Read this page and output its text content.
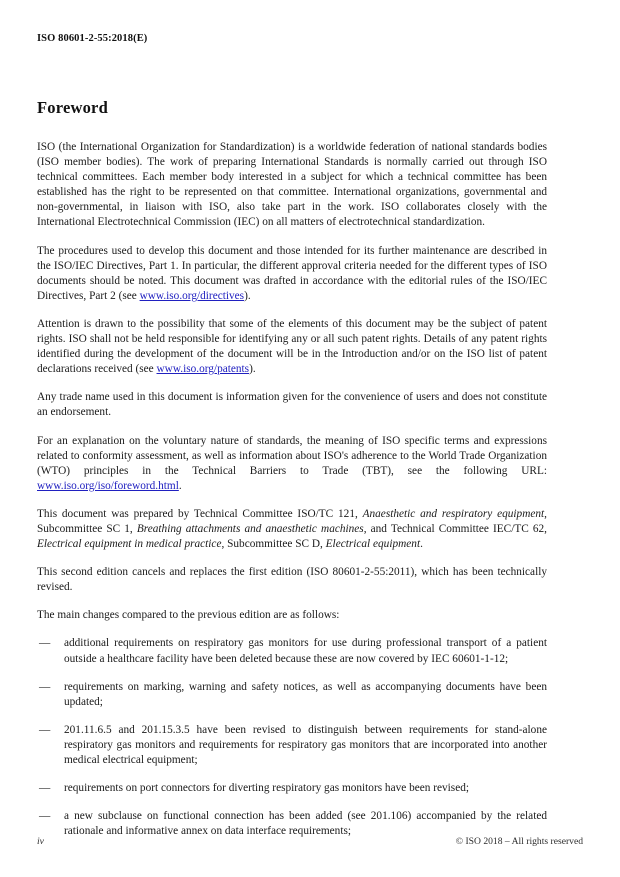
ISO 80601-2-55:2018(E)
Foreword

ISO (the International Organization for Standardization) is a worldwide federation of national standards bodies (ISO member bodies). The work of preparing International Standards is normally carried out through ISO technical committees. Each member body interested in a subject for which a technical committee has been established has the right to be represented on that committee. International organizations, governmental and non-governmental, in liaison with ISO, also take part in the work. ISO collaborates closely with the International Electrotechnical Commission (IEC) on all matters of electrotechnical standardization.

The procedures used to develop this document and those intended for its further maintenance are described in the ISO/IEC Directives, Part 1. In particular, the different approval criteria needed for the different types of ISO documents should be noted. This document was drafted in accordance with the editorial rules of the ISO/IEC Directives, Part 2 (see www.iso.org/directives).

Attention is drawn to the possibility that some of the elements of this document may be the subject of patent rights. ISO shall not be held responsible for identifying any or all such patent rights. Details of any patent rights identified during the development of the document will be in the Introduction and/or on the ISO list of patent declarations received (see www.iso.org/patents).

Any trade name used in this document is information given for the convenience of users and does not constitute an endorsement.

For an explanation on the voluntary nature of standards, the meaning of ISO specific terms and expressions related to conformity assessment, as well as information about ISO's adherence to the World Trade Organization (WTO) principles in the Technical Barriers to Trade (TBT), see the following URL: www.iso.org/iso/foreword.html.

This document was prepared by Technical Committee ISO/TC 121, Anaesthetic and respiratory equipment, Subcommittee SC 1, Breathing attachments and anaesthetic machines, and Technical Committee IEC/TC 62, Electrical equipment in medical practice, Subcommittee SC D, Electrical equipment.

This second edition cancels and replaces the first edition (ISO 80601-2-55:2011), which has been technically revised.

The main changes compared to the previous edition are as follows:

—	additional requirements on respiratory gas monitors for use during professional transport of a patient outside a healthcare facility have been deleted because these are now covered by IEC 60601-1-12;
—	requirements on marking, warning and safety notices, as well as accompanying documents have been updated;
—	201.11.6.5 and 201.15.3.5 have been revised to distinguish between requirements for stand-alone respiratory gas monitors and requirements for respiratory gas monitors that are incorporated into another medical electrical equipment;
—	requirements on port connectors for diverting respiratory gas monitors have been revised;
—	a new subclause on functional connection has been added (see 201.106) accompanied by the related rationale and informative annex on data interface requirements;
iv	© ISO 2018 – All rights reserved
